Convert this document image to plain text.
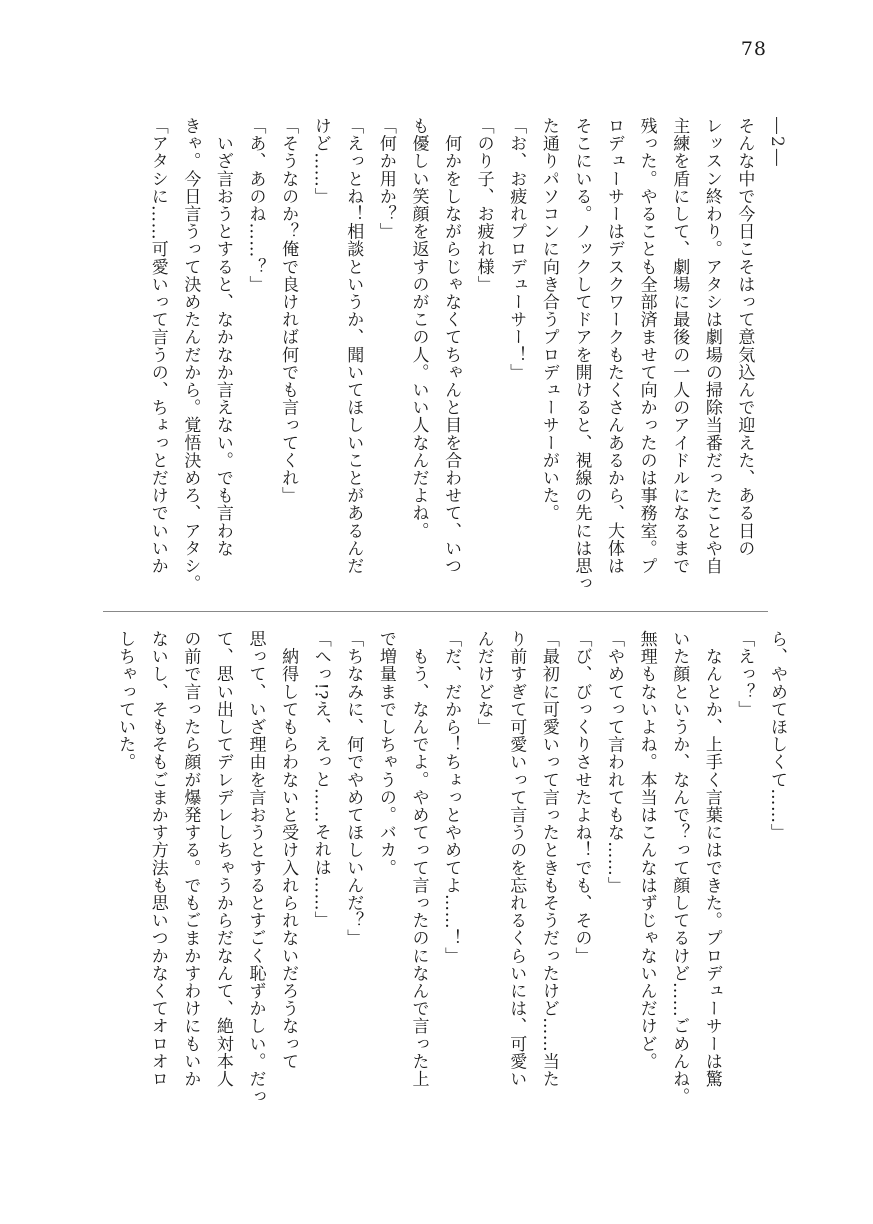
78

―2―

そんな中で今日こそはって意気込んで迎えた、ある日の

レッスン終わり。アタシは劇場の掃除当番だったことや自

主練を盾にして、劇場に最後の一人のアイドルになるまで

残った。やることも全部済ませて向かったのは事務室。プ

ロデューサーはデスクワークもたくさんあるから、大体は

そこにいる。ノックしてドアを開けると、視線の先には思っ

た通りパソコンに向き合うプロデューサーがいた。

「お、お疲れプロデューサー！」

「のり子、お疲れ様」

　何かをしながらじゃなくてちゃんと目を合わせて、いつ

も優しい笑顔を返すのがこの人。いい人なんだよね。

「何か用か？」

「えっとね！相談というか、聞いてほしいことがあるんだ

けど……」

「そうなのか？俺で良ければ何でも言ってくれ」

「あ、あのね……？」

　いざ言おうとすると、なかなか言えない。でも言わな

きゃ。今日言うって決めたんだから。覚悟決めろ、アタシ。

「アタシに……可愛いって言うの、ちょっとだけでいいか

ら、やめてほしくて……」

「えっ？」

　なんとか、上手く言葉にはできた。プロデューサーは驚

いた顔というか、なんで？って顔してるけど……ごめんね。

無理もないよね。本当はこんなはずじゃないんだけど。

「やめてって言われてもな……」

「び、びっくりさせたよね！でも、その」

「最初に可愛いって言ったときもそうだったけど……当た

り前すぎて可愛いって言うのを忘れるくらいには、可愛い

んだけどな」

「だ、だから！ちょっとやめてよ……！」

　もう、なんでよ。やめてって言ったのになんで言った上

で増量までしちゃうの。バカ。

「ちなみに、何でやめてほしいんだ？」

「へっ!?え、えっと……それは……」

　納得してもらわないと受け入れられないだろうなって

思って、いざ理由を言おうとするとすごく恥ずかしい。だっ

て、思い出してデレデレしちゃうからだなんて、絶対本人

の前で言ったら顔が爆発する。でもごまかすわけにもいか

ないし、そもそもごまかす方法も思いつかなくてオロオロ

しちゃっていた。
